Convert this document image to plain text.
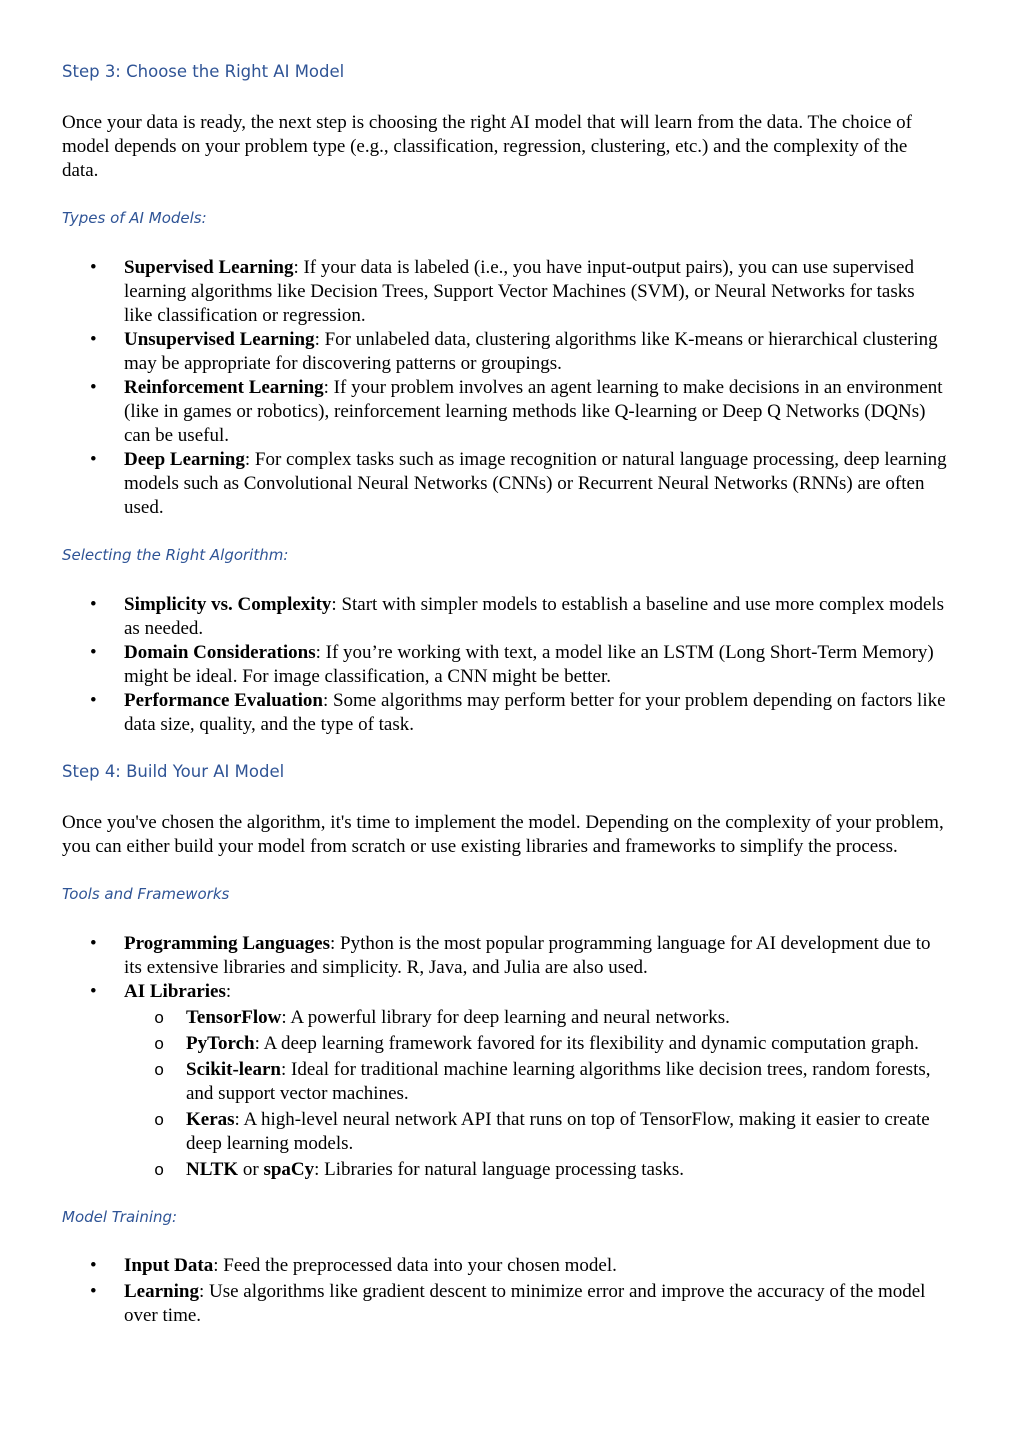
Step 3: Choose the Right AI Model

Once your data is ready, the next step is choosing the right AI model that will learn from the data. The choice of model depends on your problem type (e.g., classification, regression, clustering, etc.) and the complexity of the data.

Types of AI Models:
• Supervised Learning: If your data is labeled (i.e., you have input-output pairs), you can use supervised learning algorithms like Decision Trees, Support Vector Machines (SVM), or Neural Networks for tasks like classification or regression.
• Unsupervised Learning: For unlabeled data, clustering algorithms like K-means or hierarchical clustering may be appropriate for discovering patterns or groupings.
• Reinforcement Learning: If your problem involves an agent learning to make decisions in an environment (like in games or robotics), reinforcement learning methods like Q-learning or Deep Q Networks (DQNs) can be useful.
• Deep Learning: For complex tasks such as image recognition or natural language processing, deep learning models such as Convolutional Neural Networks (CNNs) or Recurrent Neural Networks (RNNs) are often used.
Selecting the Right Algorithm:
• Simplicity vs. Complexity: Start with simpler models to establish a baseline and use more complex models as needed.
• Domain Considerations: If you’re working with text, a model like an LSTM (Long Short-Term Memory) might be ideal. For image classification, a CNN might be better.
• Performance Evaluation: Some algorithms may perform better for your problem depending on factors like data size, quality, and the type of task.
Step 4: Build Your AI Model

Once you've chosen the algorithm, it's time to implement the model. Depending on the complexity of your problem, you can either build your model from scratch or use existing libraries and frameworks to simplify the process.

Tools and Frameworks
• Programming Languages: Python is the most popular programming language for AI development due to its extensive libraries and simplicity. R, Java, and Julia are also used.
• AI Libraries:
o TensorFlow: A powerful library for deep learning and neural networks.
o PyTorch: A deep learning framework favored for its flexibility and dynamic computation graph.
o Scikit-learn: Ideal for traditional machine learning algorithms like decision trees, random forests, and support vector machines.
o Keras: A high-level neural network API that runs on top of TensorFlow, making it easier to create deep learning models.
o NLTK or spaCy: Libraries for natural language processing tasks.
Model Training:
• Input Data: Feed the preprocessed data into your chosen model.
• Learning: Use algorithms like gradient descent to minimize error and improve the accuracy of the model over time.
